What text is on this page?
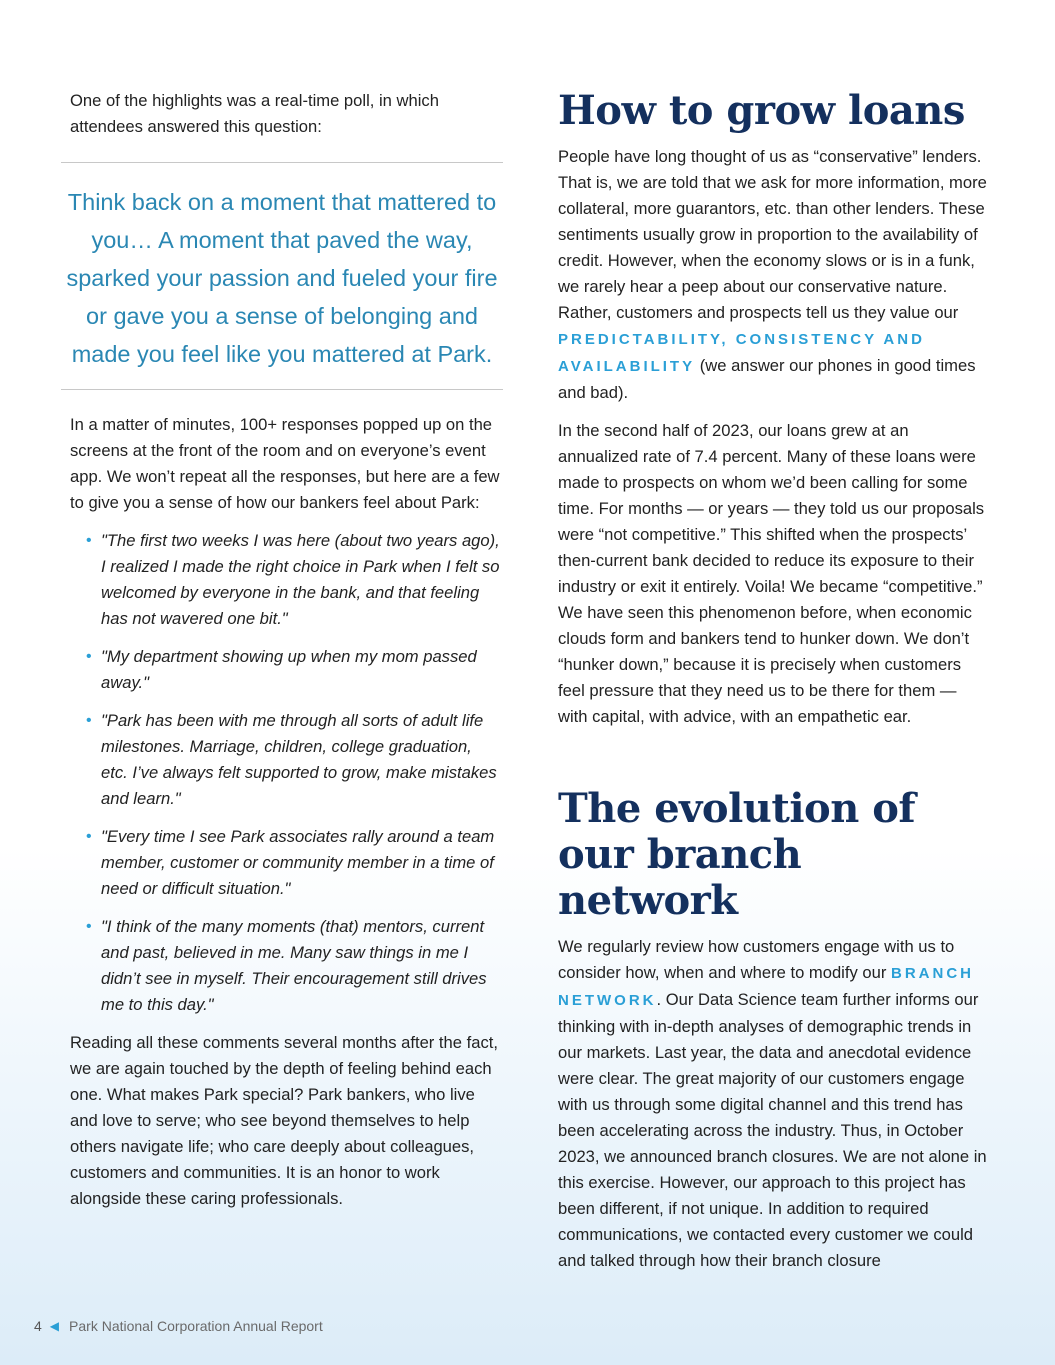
One of the highlights was a real-time poll, in which attendees answered this question:

Think back on a moment that mattered to you… A moment that paved the way, sparked your passion and fueled your fire or gave you a sense of belonging and made you feel like you mattered at Park.

In a matter of minutes, 100+ responses popped up on the screens at the front of the room and on everyone’s event app. We won’t repeat all the responses, but here are a few to give you a sense of how our bankers feel about Park:

• "The first two weeks I was here (about two years ago), I realized I made the right choice in Park when I felt so welcomed by everyone in the bank, and that feeling has not wavered one bit."
• "My department showing up when my mom passed away."
• "Park has been with me through all sorts of adult life milestones. Marriage, children, college graduation, etc. I’ve always felt supported to grow, make mistakes and learn."
• "Every time I see Park associates rally around a team member, customer or community member in a time of need or difficult situation."
• "I think of the many moments (that) mentors, current and past, believed in me. Many saw things in me I didn’t see in myself. Their encouragement still drives me to this day."

Reading all these comments several months after the fact, we are again touched by the depth of feeling behind each one. What makes Park special? Park bankers, who live and love to serve; who see beyond themselves to help others navigate life; who care deeply about colleagues, customers and communities. It is an honor to work alongside these caring professionals.

How to grow loans

People have long thought of us as “conservative” lenders. That is, we are told that we ask for more information, more collateral, more guarantors, etc. than other lenders. These sentiments usually grow in proportion to the availability of credit. However, when the economy slows or is in a funk, we rarely hear a peep about our conservative nature. Rather, customers and prospects tell us they value our PREDICTABILITY, CONSISTENCY AND AVAILABILITY (we answer our phones in good times and bad).

In the second half of 2023, our loans grew at an annualized rate of 7.4 percent. Many of these loans were made to prospects on whom we’d been calling for some time. For months — or years — they told us our proposals were “not competitive.” This shifted when the prospects’ then-current bank decided to reduce its exposure to their industry or exit it entirely. Voila! We became “competitive.” We have seen this phenomenon before, when economic clouds form and bankers tend to hunker down. We don’t “hunker down,” because it is precisely when customers feel pressure that they need us to be there for them — with capital, with advice, with an empathetic ear.

The evolution of
our branch network

We regularly review how customers engage with us to consider how, when and where to modify our BRANCH NETWORK. Our Data Science team further informs our thinking with in-depth analyses of demographic trends in our markets. Last year, the data and anecdotal evidence were clear. The great majority of our customers engage with us through some digital channel and this trend has been accelerating across the industry. Thus, in October 2023, we announced branch closures. We are not alone in this exercise. However, our approach to this project has been different, if not unique. In addition to required communications, we contacted every customer we could and talked through how their branch closure

4 ◀ Park National Corporation Annual Report
